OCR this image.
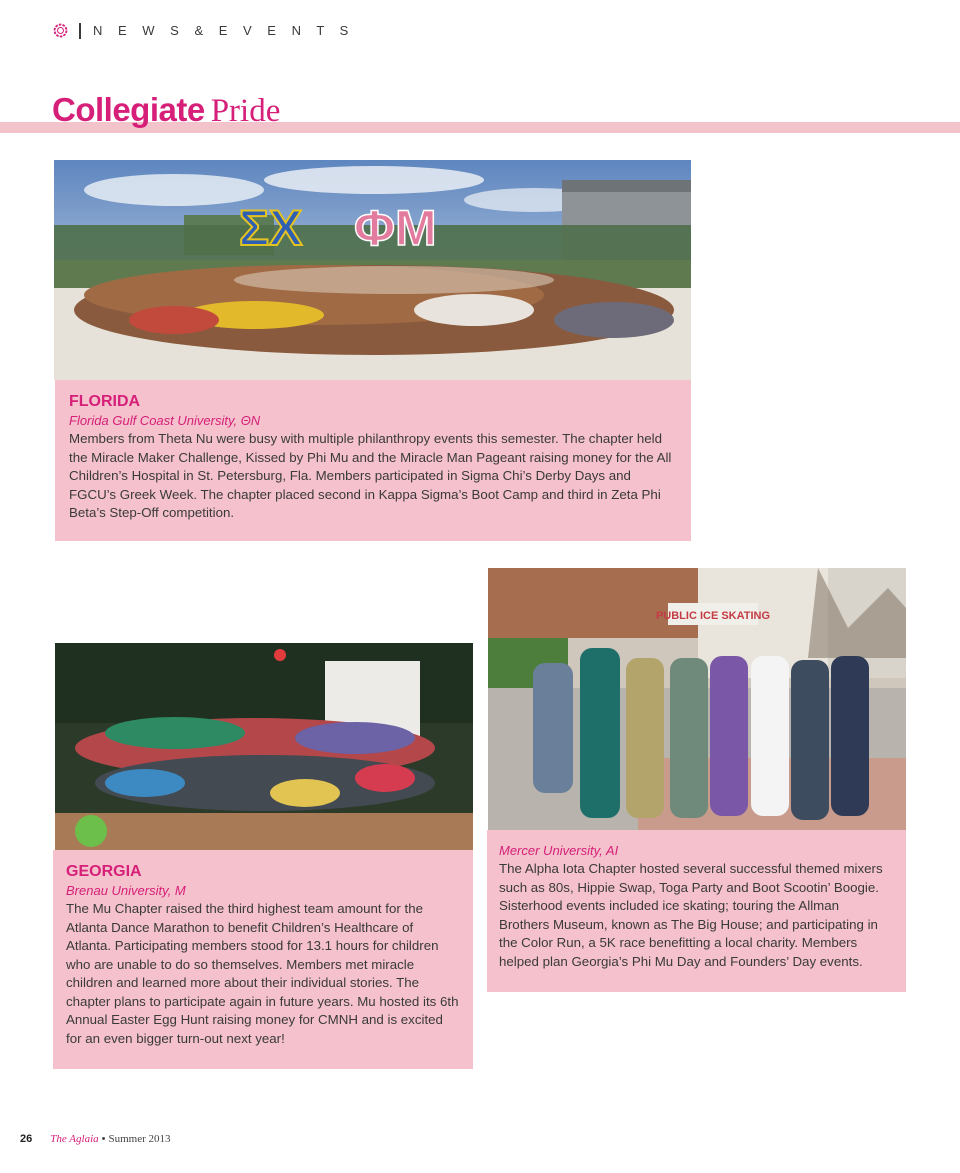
N E W S & E V E N T S
Collegiate Pride
ΣΧ ΦΜ
FLORIDA
Florida Gulf Coast University, ΘN

Members from Theta Nu were busy with multiple philanthropy events this semester. The chapter held the Miracle Maker Challenge, Kissed by Phi Mu and the Miracle Man Pageant raising money for the All Children’s Hospital in St. Petersburg, Fla. Members participated in Sigma Chi’s Derby Days and FGCU’s Greek Week. The chapter placed second in Kappa Sigma’s Boot Camp and third in Zeta Phi Beta’s Step-Off competition.

PUBLIC ICE SKATING
GEORGIA
Brenau University, M

The Mu Chapter raised the third highest team amount for the Atlanta Dance Marathon to benefit Children’s Healthcare of Atlanta. Participating members stood for 13.1 hours for children who are unable to do so themselves. Members met miracle children and learned more about their individual stories. The chapter plans to participate again in future years. Mu hosted its 6th Annual Easter Egg Hunt raising money for CMNH and is excited for an even bigger turn-out next year!

Mercer University, AI

The Alpha Iota Chapter hosted several successful themed mixers such as 80s, Hippie Swap, Toga Party and Boot Scootin’ Boogie. Sisterhood events included ice skating; touring the Allman Brothers Museum, known as The Big House; and participating in the Color Run, a 5K race benefitting a local charity. Members helped plan Georgia’s Phi Mu Day and Founders’ Day events.

26 The Aglaia • Summer 2013
